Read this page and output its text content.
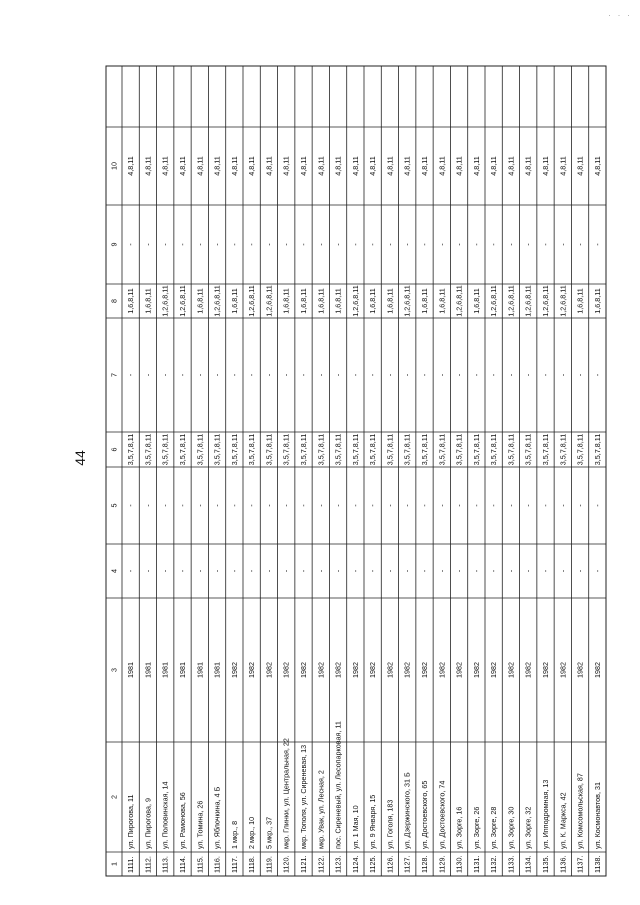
· · ·
44
1
2
3
4
5
6
7
8
9
10
1111.
ул. Пирогова, 11
1981
-
-
3,5,7,8,11
-
1,6,8,11
-
4,8,11
1112.
ул. Пирогова, 9
1981
-
-
3,5,7,8,11
-
1,6,8,11
-
4,8,11
1113.
ул. Половинская, 14
1981
-
-
3,5,7,8,11
-
1,2,6,8,11
-
4,8,11
1114.
ул. Рамонова, 56
1981
-
-
3,5,7,8,11
-
1,2,6,8,11
-
4,8,11
1115.
ул. Томина, 26
1981
-
-
3,5,7,8,11
-
1,6,8,11
-
4,8,11
1116.
ул. Яблочкина, 4 Б
1981
-
-
3,5,7,8,11
-
1,2,6,8,11
-
4,8,11
1117.
1 мкр., 8
1982
-
-
3,5,7,8,11
-
1,6,8,11
-
4,8,11
1118.
2 мкр., 10
1982
-
-
3,5,7,8,11
-
1,2,6,8,11
-
4,8,11
1119.
5 мкр., 37
1982
-
-
3,5,7,8,11
-
1,2,6,8,11
-
4,8,11
1120.
мкр. Глинки, ул. Центральная, 22
1982
-
-
3,5,7,8,11
-
1,6,8,11
-
4,8,11
1121.
мкр. Тополя, ул. Сиреневая, 13
1982
-
-
3,5,7,8,11
-
1,6,8,11
-
4,8,11
1122.
мкр. Увак, ул. Лесная, 2
1982
-
-
3,5,7,8,11
-
1,6,8,11
-
4,8,11
1123.
пос. Сиреневый, ул. Лесопарковая, 11
1982
-
-
3,5,7,8,11
-
1,6,8,11
-
4,8,11
1124.
ул. 1 Мая, 10
1982
-
-
3,5,7,8,11
-
1,2,6,8,11
-
4,8,11
1125.
ул. 9 Января, 15
1982
-
-
3,5,7,8,11
-
1,6,8,11
-
4,8,11
1126.
ул. Гоголя, 183
1982
-
-
3,5,7,8,11
-
1,6,8,11
-
4,8,11
1127.
ул. Дзержинского, 31 Б
1982
-
-
3,5,7,8,11
-
1,2,6,8,11
-
4,8,11
1128.
ул. Достоевского, 65
1982
-
-
3,5,7,8,11
-
1,6,8,11
-
4,8,11
1129.
ул. Достоевского, 74
1982
-
-
3,5,7,8,11
-
1,6,8,11
-
4,8,11
1130.
ул. Зорге, 16
1982
-
-
3,5,7,8,11
-
1,2,6,8,11
-
4,8,11
1131.
ул. Зорге, 26
1982
-
-
3,5,7,8,11
-
1,6,8,11
-
4,8,11
1132.
ул. Зорге, 28
1982
-
-
3,5,7,8,11
-
1,2,6,8,11
-
4,8,11
1133.
ул. Зорге, 30
1982
-
-
3,5,7,8,11
-
1,2,6,8,11
-
4,8,11
1134.
ул. Зорге, 32
1982
-
-
3,5,7,8,11
-
1,2,6,8,11
-
4,8,11
1135.
ул. Ипподромная, 13
1982
-
-
3,5,7,8,11
-
1,2,6,8,11
-
4,8,11
1136.
ул. К. Маркса, 42
1982
-
-
3,5,7,8,11
-
1,2,6,8,11
-
4,8,11
1137.
ул. Комсомольская, 87
1982
-
-
3,5,7,8,11
-
1,6,8,11
-
4,8,11
1138.
ул. Космонавтов, 31
1982
-
-
3,5,7,8,11
-
1,6,8,11
-
4,8,11
